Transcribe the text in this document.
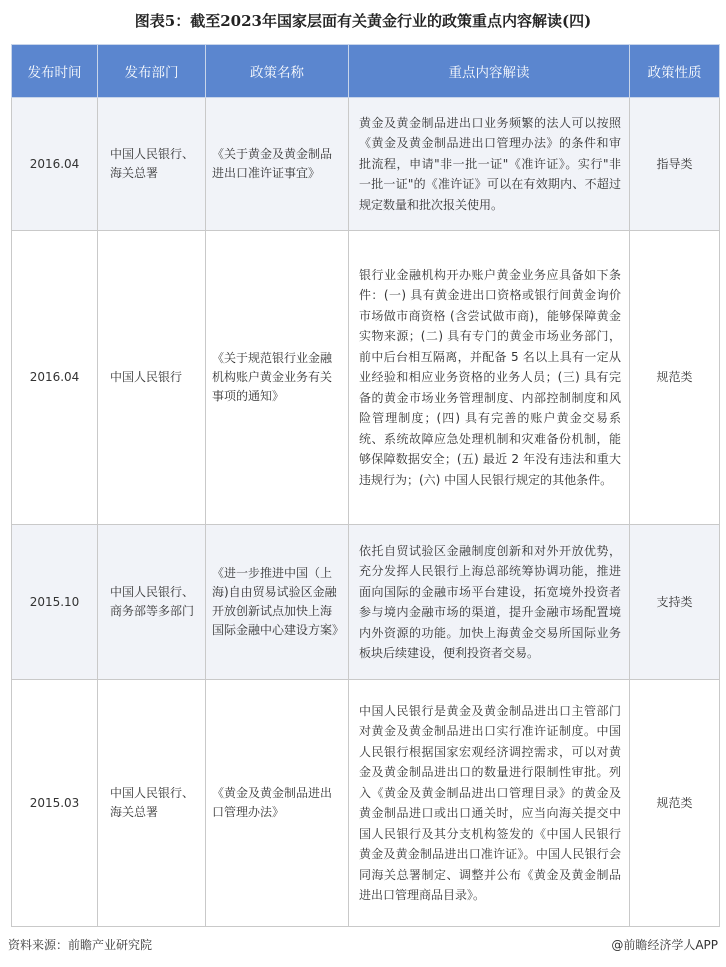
图表5：截至2023年国家层面有关黄金行业的政策重点内容解读(四)
发布时间	发布部门	政策名称	重点内容解读	政策性质
2016.04	中国人民银行、海关总署	《关于黄金及黄金制品进出口准许证事宜》	黄金及黄金制品进出口业务频繁的法人可以按照《黄金及黄金制品进出口管理办法》的条件和审批流程，申请"非一批一证"《准许证》。实行"非一批一证"的《准许证》可以在有效期内、不超过规定数量和批次报关使用。	指导类
2016.04	中国人民银行	《关于规范银行业金融机构账户黄金业务有关事项的通知》	银行业金融机构开办账户黄金业务应具备如下条件：(一) 具有黄金进出口资格或银行间黄金询价市场做市商资格 (含尝试做市商)，能够保障黄金实物来源；(二) 具有专门的黄金市场业务部门，前中后台相互隔离，并配备 5 名以上具有一定从业经验和相应业务资格的业务人员；(三) 具有完备的黄金市场业务管理制度、内部控制制度和风险管理制度；(四) 具有完善的账户黄金交易系统、系统故障应急处理机制和灾难备份机制，能够保障数据安全；(五) 最近 2 年没有违法和重大违规行为；(六) 中国人民银行规定的其他条件。	规范类
2015.10	中国人民银行、商务部等多部门	《进一步推进中国（上海)自由贸易试验区金融开放创新试点加快上海国际金融中心建设方案》	依托自贸试验区金融制度创新和对外开放优势，充分发挥人民银行上海总部统筹协调功能，推进面向国际的金融市场平台建设，拓宽境外投资者参与境内金融市场的渠道，提升金融市场配置境内外资源的功能。加快上海黄金交易所国际业务板块后续建设，便利投资者交易。	支持类
2015.03	中国人民银行、海关总署	《黄金及黄金制品进出口管理办法》	中国人民银行是黄金及黄金制品进出口主管部门对黄金及黄金制品进出口实行准许证制度。中国人民银行根据国家宏观经济调控需求，可以对黄金及黄金制品进出口的数量进行限制性审批。列入《黄金及黄金制品进出口管理目录》的黄金及黄金制品进口或出口通关时，应当向海关提交中国人民银行及其分支机构签发的《中国人民银行黄金及黄金制品进出口准许证》。中国人民银行会同海关总署制定、调整并公布《黄金及黄金制品进出口管理商品目录》。	规范类
资料来源：前瞻产业研究院	@前瞻经济学人APP
